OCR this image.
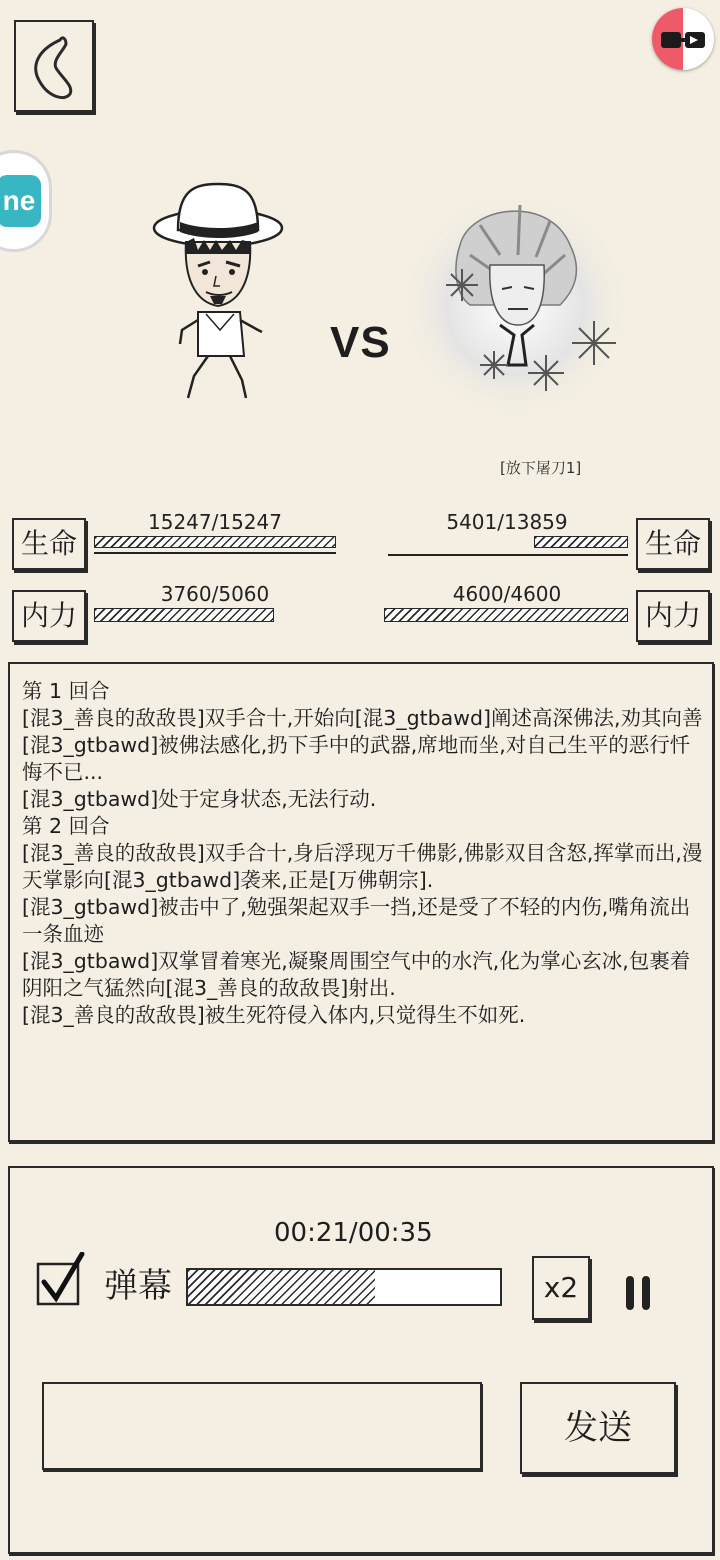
ne
VS
[放下屠刀1]
生命
15247/15247	5401/13859
生命
内力
3760/5060	4600/4600
内力
第 1 回合
[混3_善良的敌敌畏]双手合十,开始向[混3_gtbawd]阐述高深佛法,劝其向善
[混3_gtbawd]被佛法感化,扔下手中的武器,席地而坐,对自己生平的恶行忏悔不已...
[混3_gtbawd]处于定身状态,无法行动.
第 2 回合
[混3_善良的敌敌畏]双手合十,身后浮现万千佛影,佛影双目含怒,挥掌而出,漫天掌影向[混3_gtbawd]袭来,正是[万佛朝宗].
[混3_gtbawd]被击中了,勉强架起双手一挡,还是受了不轻的内伤,嘴角流出一条血迹
[混3_gtbawd]双掌冒着寒光,凝聚周围空气中的水汽,化为掌心玄冰,包裹着阴阳之气猛然向[混3_善良的敌敌畏]射出.
[混3_善良的敌敌畏]被生死符侵入体内,只觉得生不如死.
00:21/00:35
弹幕	x2
发送
